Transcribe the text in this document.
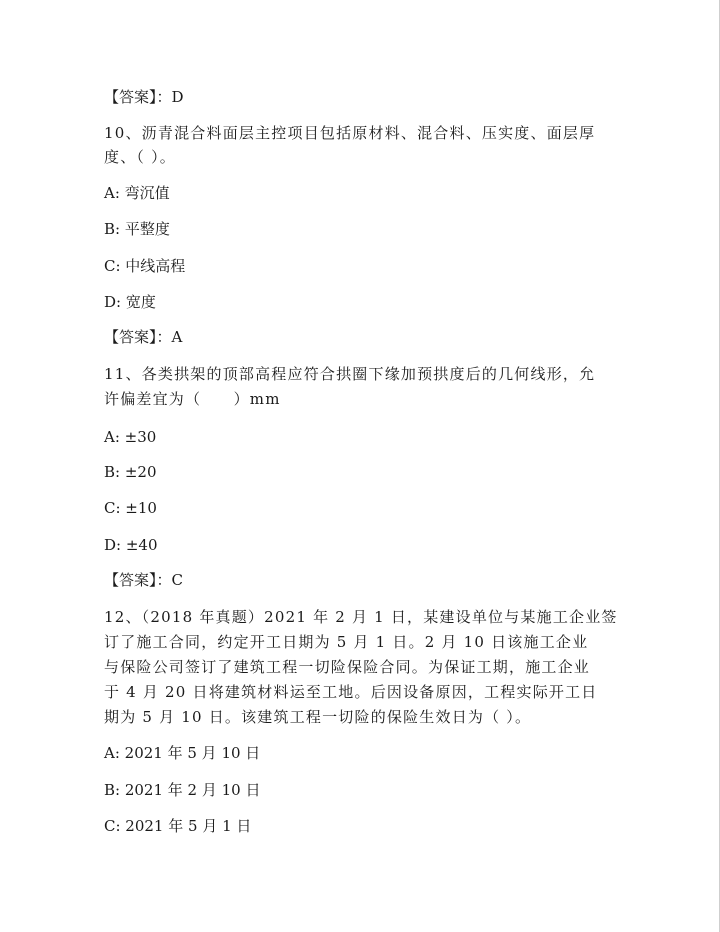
【答案】：D
10、沥青混合料面层主控项目包括原材料、混合料、压实度、面层厚
度、（ ）。
A: 弯沉值
B: 平整度
C: 中线高程
D: 宽度
【答案】：A
11、各类拱架的顶部高程应符合拱圈下缘加预拱度后的几何线形，允
许偏差宜为（　　）mm
A: ±30
B: ±20
C: ±10
D: ±40
【答案】：C
12、（2018 年真题）2021 年 2 月 1 日，某建设单位与某施工企业签
订了施工合同，约定开工日期为 5 月 1 日。2 月 10 日该施工企业
与保险公司签订了建筑工程一切险保险合同。为保证工期，施工企业
于 4 月 20 日将建筑材料运至工地。后因设备原因，工程实际开工日
期为 5 月 10 日。该建筑工程一切险的保险生效日为（ ）。
A: 2021 年 5 月 10 日
B: 2021 年 2 月 10 日
C: 2021 年 5 月 1 日
